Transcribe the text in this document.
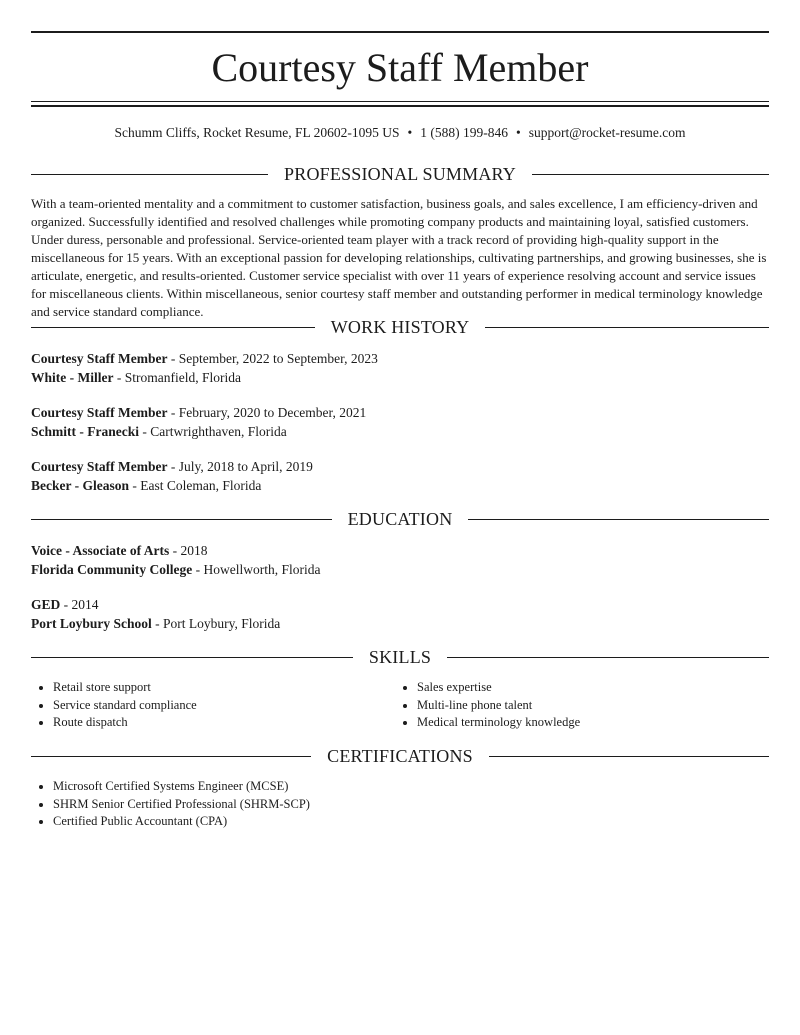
Courtesy Staff Member
Schumm Cliffs, Rocket Resume, FL 20602-1095 US • 1 (588) 199-846 • support@rocket-resume.com
PROFESSIONAL SUMMARY

With a team-oriented mentality and a commitment to customer satisfaction, business goals, and sales excellence, I am efficiency-driven and organized. Successfully identified and resolved challenges while promoting company products and maintaining loyal, satisfied customers. Under duress, personable and professional. Service-oriented team player with a track record of providing high-quality support in the miscellaneous for 15 years. With an exceptional passion for developing relationships, cultivating partnerships, and growing businesses, she is articulate, energetic, and results-oriented. Customer service specialist with over 11 years of experience resolving account and service issues for miscellaneous clients. Within miscellaneous, senior courtesy staff member and outstanding performer in medical terminology knowledge and service standard compliance.

WORK HISTORY
Courtesy Staff Member - September, 2022 to September, 2023
White - Miller - Stromanfield, Florida
Courtesy Staff Member - February, 2020 to December, 2021
Schmitt - Franecki - Cartwrighthaven, Florida
Courtesy Staff Member - July, 2018 to April, 2019
Becker - Gleason - East Coleman, Florida
EDUCATION
Voice - Associate of Arts - 2018
Florida Community College - Howellworth, Florida
GED - 2014
Port Loybury School - Port Loybury, Florida
SKILLS
• Retail store support
• Service standard compliance
• Route dispatch
• Sales expertise
• Multi-line phone talent
• Medical terminology knowledge
CERTIFICATIONS
• Microsoft Certified Systems Engineer (MCSE)
• SHRM Senior Certified Professional (SHRM-SCP)
• Certified Public Accountant (CPA)
